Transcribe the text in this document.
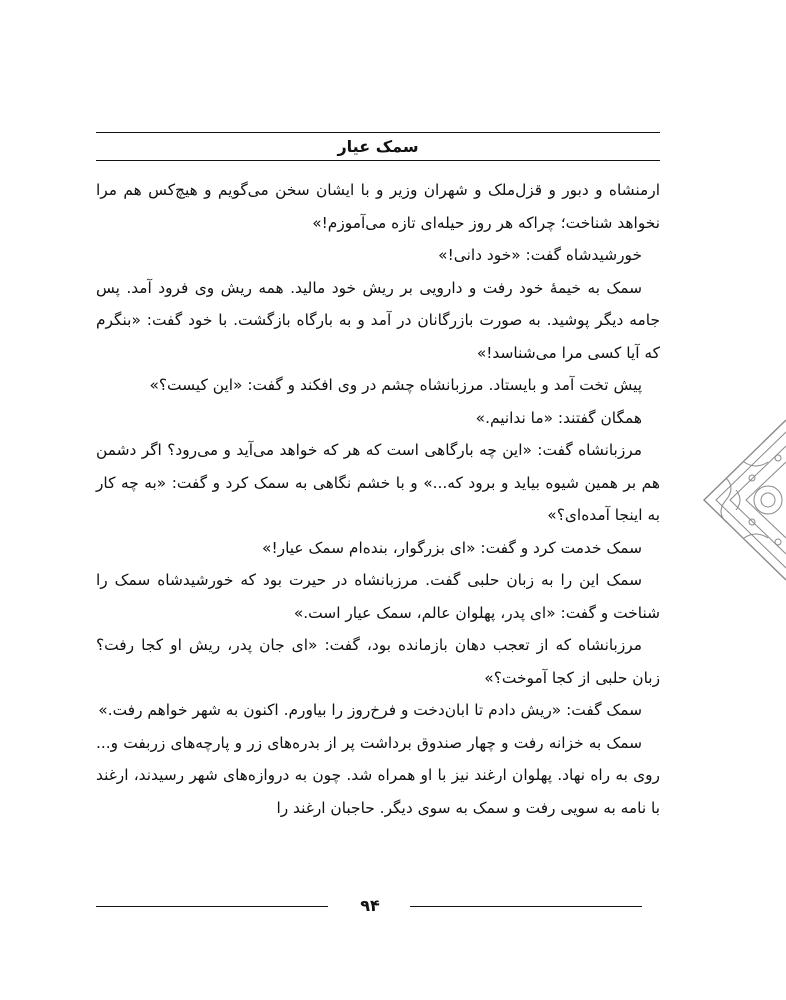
سمک عیار

ارمنشاه و دبور و قزل‌ملک و شهران وزیر و با ایشان سخن می‌گویم و هیچ‌کس هم مرا نخواهد شناخت؛ چراکه هر روز حیله‌ای تازه می‌آموزم!»

خورشیدشاه گفت: «خود دانی!»

سمک به خیمهٔ خود رفت و دارویی بر ریش خود مالید. همه ریش وی فرود آمد. پس جامه دیگر پوشید. به صورت بازرگانان در آمد و به بارگاه بازگشت. با خود گفت: «بنگرم که آیا کسی مرا می‌شناسد!»

پیش تخت آمد و بایستاد. مرزبانشاه چشم در وی افکند و گفت: «این کیست؟»

همگان گفتند: «ما ندانیم.»

مرزبانشاه گفت: «این چه بارگاهی است که هر که خواهد می‌آید و می‌رود؟ اگر دشمن هم بر همین شیوه بیاید و برود که...» و با خشم نگاهی به سمک کرد و گفت: «به چه کار به اینجا آمده‌ای؟»

سمک خدمت کرد و گفت: «ای بزرگوار، بنده‌ام سمک عیار!»

سمک این را به زبان حلبی گفت. مرزبانشاه در حیرت بود که خورشیدشاه سمک را شناخت و گفت: «ای پدر، پهلوان عالم، سمک عیار است.»

مرزبانشاه که از تعجب دهان بازمانده بود، گفت: «ای جان پدر، ریش او کجا رفت؟ زبان حلبی از کجا آموخت؟»

سمک گفت: «ریش دادم تا ابان‌دخت و فرخ‌روز را بیاورم. اکنون به شهر خواهم رفت.»

سمک به خزانه رفت و چهار صندوق برداشت پر از بدره‌های زر و پارچه‌های زربفت و... روی به راه نهاد. پهلوان ارغند نیز با او همراه شد. چون به دروازه‌های شهر رسیدند، ارغند با نامه به سویی رفت و سمک به سوی دیگر. حاجبان ارغند را

۹۴
